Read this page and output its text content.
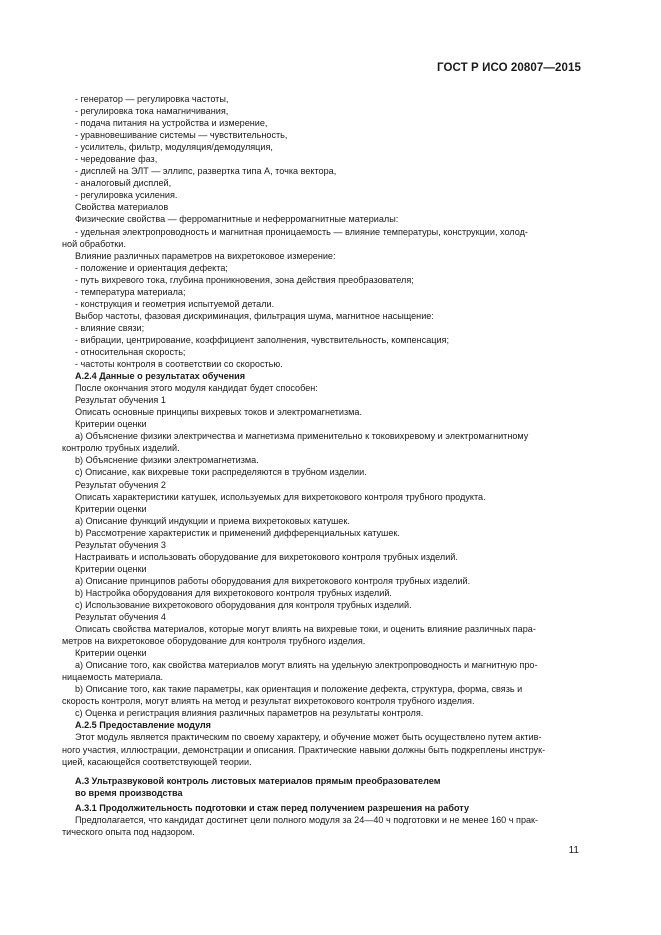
ГОСТ Р ИСО 20807—2015
- генератор — регулировка частоты,
- регулировка тока намагничивания,
- подача питания на устройства и измерение,
- уравновешивание системы — чувствительность,
- усилитель, фильтр, модуляция/демодуляция,
- чередование фаз,
- дисплей на ЭЛТ — эллипс, развертка типа А, точка вектора,
- аналоговый дисплей,
- регулировка усиления.
Свойства материалов
Физические свойства — ферромагнитные и неферромагнитные материалы:
- удельная электропроводность и магнитная проницаемость — влияние температуры, конструкции, холод-
ной обработки.
Влияние различных параметров на вихретоковое измерение:
- положение и ориентация дефекта;
- путь вихревого тока, глубина проникновения, зона действия преобразователя;
- температура материала;
- конструкция и геометрия испытуемой детали.
Выбор частоты, фазовая дискриминация, фильтрация шума, магнитное насыщение:
- влияние связи;
- вибрации, центрирование, коэффициент заполнения, чувствительность, компенсация;
- относительная скорость;
- частоты контроля в соответствии со скоростью.
А.2.4 Данные о результатах обучения
После окончания этого модуля кандидат будет способен:
Результат обучения 1
Описать основные принципы вихревых токов и электромагнетизма.
Критерии оценки
а) Объяснение физики электричества и магнетизма применительно к токовихревому и электромагнитному
контролю трубных изделий.
b) Объяснение физики электромагнетизма.
с) Описание, как вихревые токи распределяются в трубном изделии.
Результат обучения 2
Описать характеристики катушек, используемых для вихретокового контроля трубного продукта.
Критерии оценки
а) Описание функций индукции и приема вихретоковых катушек.
b) Рассмотрение характеристик и применений дифференциальных катушек.
Результат обучения 3
Настраивать и использовать оборудование для вихретокового контроля трубных изделий.
Критерии оценки
а) Описание принципов работы оборудования для вихретокового контроля трубных изделий.
b) Настройка оборудования для вихретокового контроля трубных изделий.
с) Использование вихретокового оборудования для контроля трубных изделий.
Результат обучения 4
Описать свойства материалов, которые могут влиять на вихревые токи, и оценить влияние различных пара-
метров на вихретоковое оборудование для контроля трубного изделия.
Критерии оценки
а) Описание того, как свойства материалов могут влиять на удельную электропроводность и магнитную про-
ницаемость материала.
b) Описание того, как такие параметры, как ориентация и положение дефекта, структура, форма, связь и
скорость контроля, могут влиять на метод и результат вихретокового контроля трубного изделия.
с) Оценка и регистрация влияния различных параметров на результаты контроля.
А.2.5 Предоставление модуля
Этот модуль является практическим по своему характеру, и обучение может быть осуществлено путем актив-
ного участия, иллюстрации, демонстрации и описания. Практические навыки должны быть подкреплены инструк-
цией, касающейся соответствующей теории.
А.3 Ультразвуковой контроль листовых материалов прямым преобразователем
во время производства
А.3.1 Продолжительность подготовки и стаж перед получением разрешения на работу
Предполагается, что кандидат достигнет цели полного модуля за 24—40 ч подготовки и не менее 160 ч прак-
тического опыта под надзором.
11
